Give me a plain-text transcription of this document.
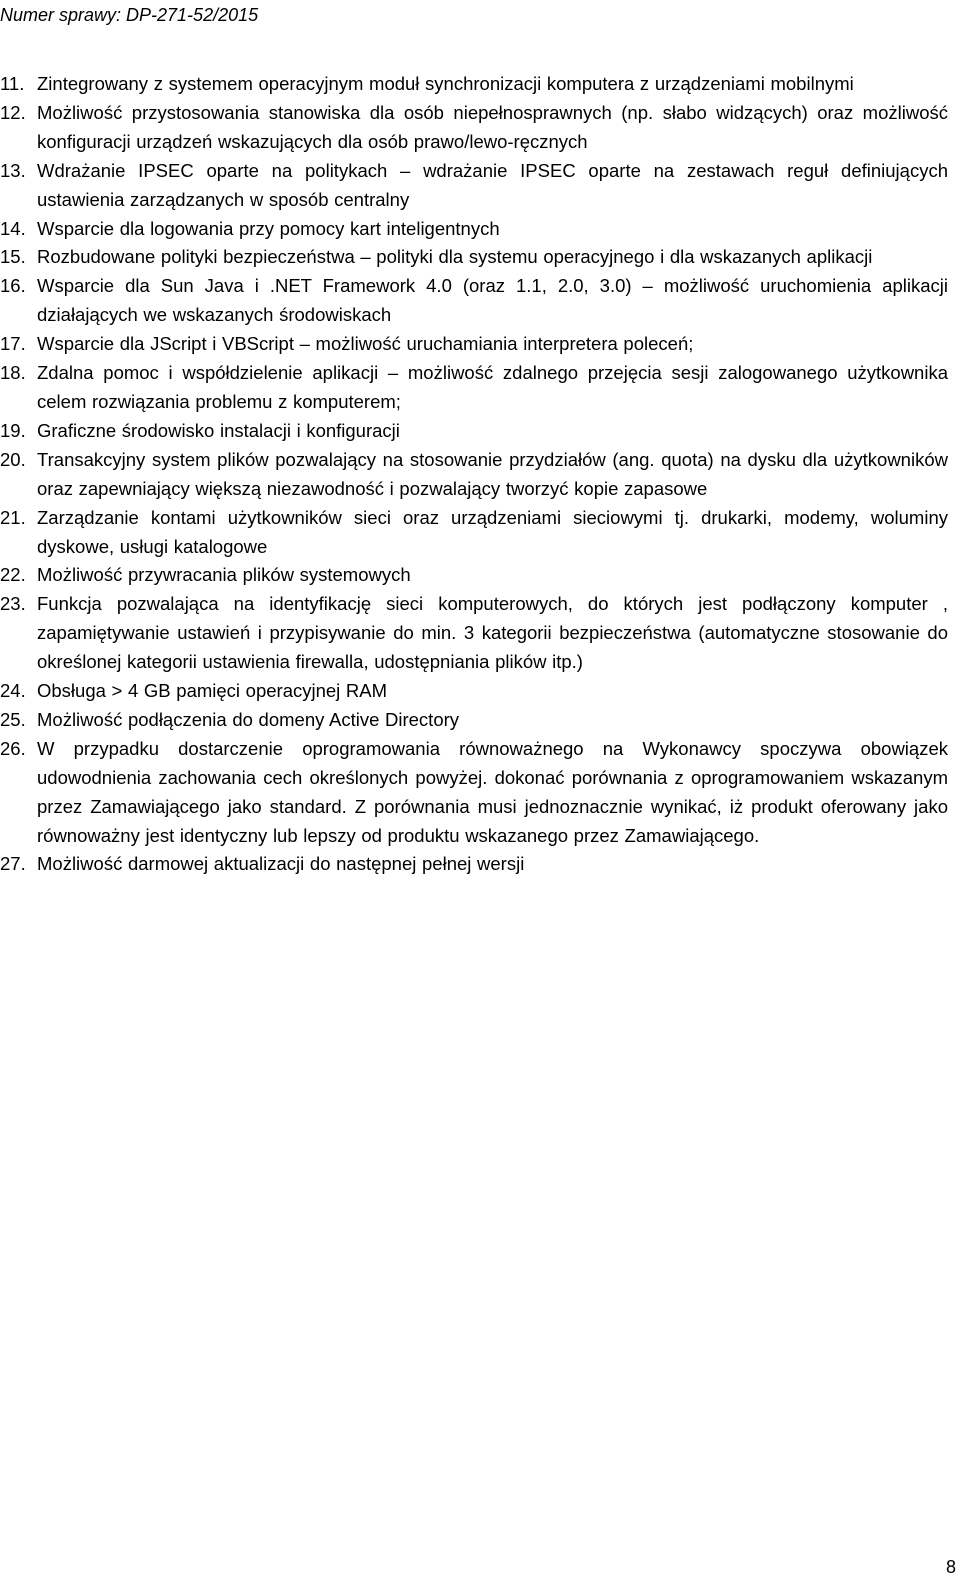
Numer sprawy: DP-271-52/2015
11. Zintegrowany z systemem operacyjnym moduł synchronizacji komputera z urządzeniami mobilnymi
12. Możliwość przystosowania stanowiska dla osób niepełnosprawnych (np. słabo widzących) oraz możliwość konfiguracji urządzeń wskazujących dla osób prawo/lewo-ręcznych
13. Wdrażanie IPSEC oparte na politykach – wdrażanie IPSEC oparte na zestawach reguł definiujących ustawienia zarządzanych w sposób centralny
14. Wsparcie dla logowania przy pomocy kart inteligentnych
15. Rozbudowane polityki bezpieczeństwa – polityki dla systemu operacyjnego i dla wskazanych aplikacji
16. Wsparcie dla Sun Java i .NET Framework 4.0 (oraz 1.1, 2.0, 3.0) – możliwość uruchomienia aplikacji działających we wskazanych środowiskach
17. Wsparcie dla JScript i VBScript – możliwość uruchamiania interpretera poleceń;
18. Zdalna pomoc i współdzielenie aplikacji – możliwość zdalnego przejęcia sesji zalogowanego użytkownika celem rozwiązania problemu z komputerem;
19. Graficzne środowisko instalacji i konfiguracji
20. Transakcyjny system plików pozwalający na stosowanie przydziałów (ang. quota) na dysku dla użytkowników oraz zapewniający większą niezawodność i pozwalający tworzyć kopie zapasowe
21. Zarządzanie kontami użytkowników sieci oraz urządzeniami sieciowymi tj. drukarki, modemy, woluminy dyskowe, usługi katalogowe
22. Możliwość przywracania plików systemowych
23. Funkcja pozwalająca na identyfikację sieci komputerowych, do których jest podłączony komputer , zapamiętywanie ustawień i przypisywanie do min. 3 kategorii bezpieczeństwa (automatyczne stosowanie do określonej kategorii ustawienia firewalla, udostępniania plików itp.)
24. Obsługa > 4 GB pamięci operacyjnej RAM
25. Możliwość podłączenia do domeny Active Directory
26. W przypadku dostarczenie oprogramowania równoważnego na Wykonawcy spoczywa obowiązek udowodnienia zachowania cech określonych powyżej. dokonać porównania z oprogramowaniem wskazanym przez Zamawiającego jako standard. Z porównania musi jednoznacznie wynikać, iż produkt oferowany jako równoważny jest identyczny lub lepszy od produktu wskazanego przez Zamawiającego.
27. Możliwość darmowej aktualizacji do następnej pełnej wersji
8
